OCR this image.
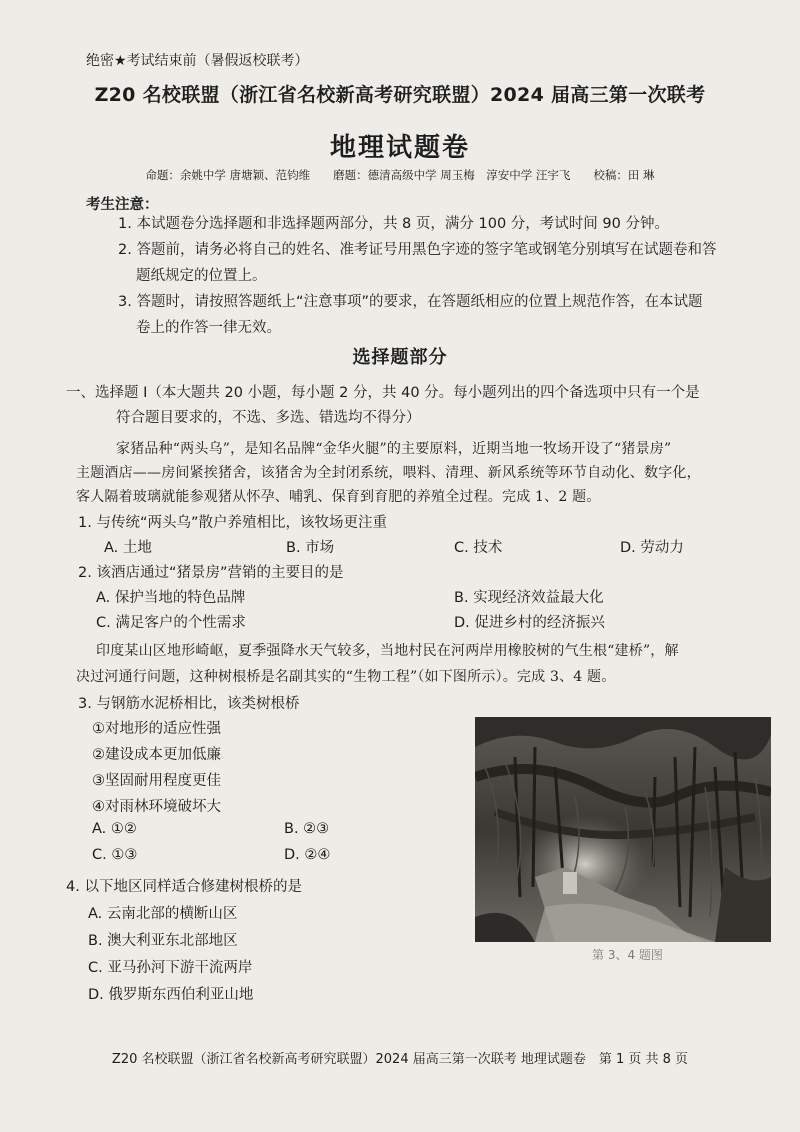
绝密★考试结束前（暑假返校联考）
Z20 名校联盟（浙江省名校新高考研究联盟）2024 届高三第一次联考
地理试题卷
命题：余姚中学 唐塘颖、范钧维　　磨题：德清高级中学 周玉梅　淳安中学 汪宇飞　　校稿：田 琳
考生注意：
1. 本试题卷分选择题和非选择题两部分，共 8 页，满分 100 分，考试时间 90 分钟。
2. 答题前，请务必将自己的姓名、准考证号用黑色字迹的签字笔或钢笔分别填写在试题卷和答
题纸规定的位置上。
3. 答题时，请按照答题纸上“注意事项”的要求，在答题纸相应的位置上规范作答，在本试题
卷上的作答一律无效。
选择题部分
一、选择题 I（本大题共 20 小题，每小题 2 分，共 40 分。每小题列出的四个备选项中只有一个是
符合题目要求的，不选、多选、错选均不得分）
家猪品种“两头乌”，是知名品牌“金华火腿”的主要原料，近期当地一牧场开设了“猪景房”
主题酒店——房间紧挨猪舍，该猪舍为全封闭系统，喂料、清理、新风系统等环节自动化、数字化，
客人隔着玻璃就能参观猪从怀孕、哺乳、保育到育肥的养殖全过程。完成 1、2 题。
1. 与传统“两头乌”散户养殖相比，该牧场更注重
A. 土地	B. 市场	C. 技术	D. 劳动力
2. 该酒店通过“猪景房”营销的主要目的是
A. 保护当地的特色品牌	B. 实现经济效益最大化
C. 满足客户的个性需求	D. 促进乡村的经济振兴
印度某山区地形崎岖，夏季强降水天气较多，当地村民在河两岸用橡胶树的气生根“建桥”，解
决过河通行问题，这种树根桥是名副其实的“生物工程”（如下图所示）。完成 3、4 题。
3. 与钢筋水泥桥相比，该类树根桥
①对地形的适应性强
②建设成本更加低廉
③坚固耐用程度更佳
④对雨林环境破坏大
A. ①②	B. ②③
C. ①③	D. ②④
4. 以下地区同样适合修建树根桥的是
A. 云南北部的横断山区
B. 澳大利亚东北部地区
C. 亚马孙河下游干流两岸
D. 俄罗斯东西伯利亚山地
第 3、4 题图
Z20 名校联盟（浙江省名校新高考研究联盟）2024 届高三第一次联考 地理试题卷　第 1 页 共 8 页
